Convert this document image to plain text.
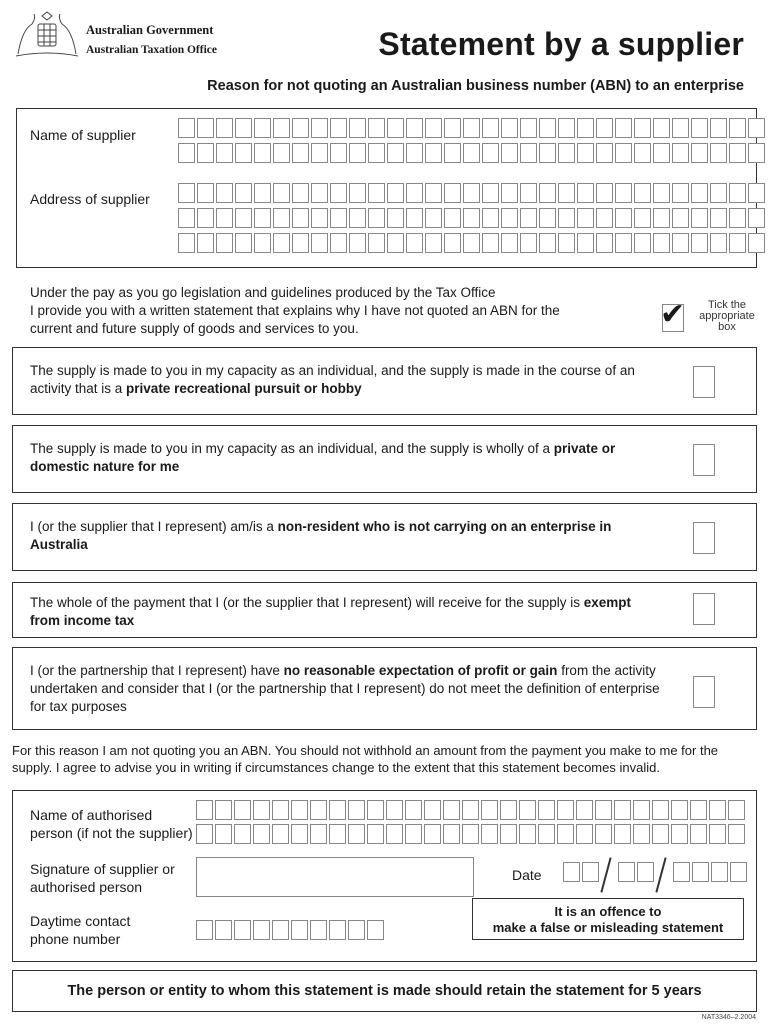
Australian Government
Australian Taxation Office	Statement by a supplier
Reason for not quoting an Australian business number (ABN) to an enterprise
Name of supplier
Address of supplier
Under the pay as you go legislation and guidelines produced by the Tax Office
I provide you with a written statement that explains why I have not quoted an ABN for the
current and future supply of goods and services to you.	✔	Tick the appropriate box
The supply is made to you in my capacity as an individual, and the supply is made in the course of an activity that is a private recreational pursuit or hobby
The supply is made to you in my capacity as an individual, and the supply is wholly of a private or domestic nature for me
I (or the supplier that I represent) am/is a non-resident who is not carrying on an enterprise in Australia
The whole of the payment that I (or the supplier that I represent) will receive for the supply is exempt from income tax
I (or the partnership that I represent) have no reasonable expectation of profit or gain from the activity undertaken and consider that I (or the partnership that I represent) do not meet the definition of enterprise for tax purposes
For this reason I am not quoting you an ABN. You should not withhold an amount from the payment you make to me for the supply. I agree to advise you in writing if circumstances change to the extent that this statement becomes invalid.
Name of authorised
person (if not the supplier)
Signature of supplier or
authorised person
Date
Daytime contact
phone number
It is an offence to
make a false or misleading statement
The person or entity to whom this statement is made should retain the statement for 5 years
NAT3346–2.2004
